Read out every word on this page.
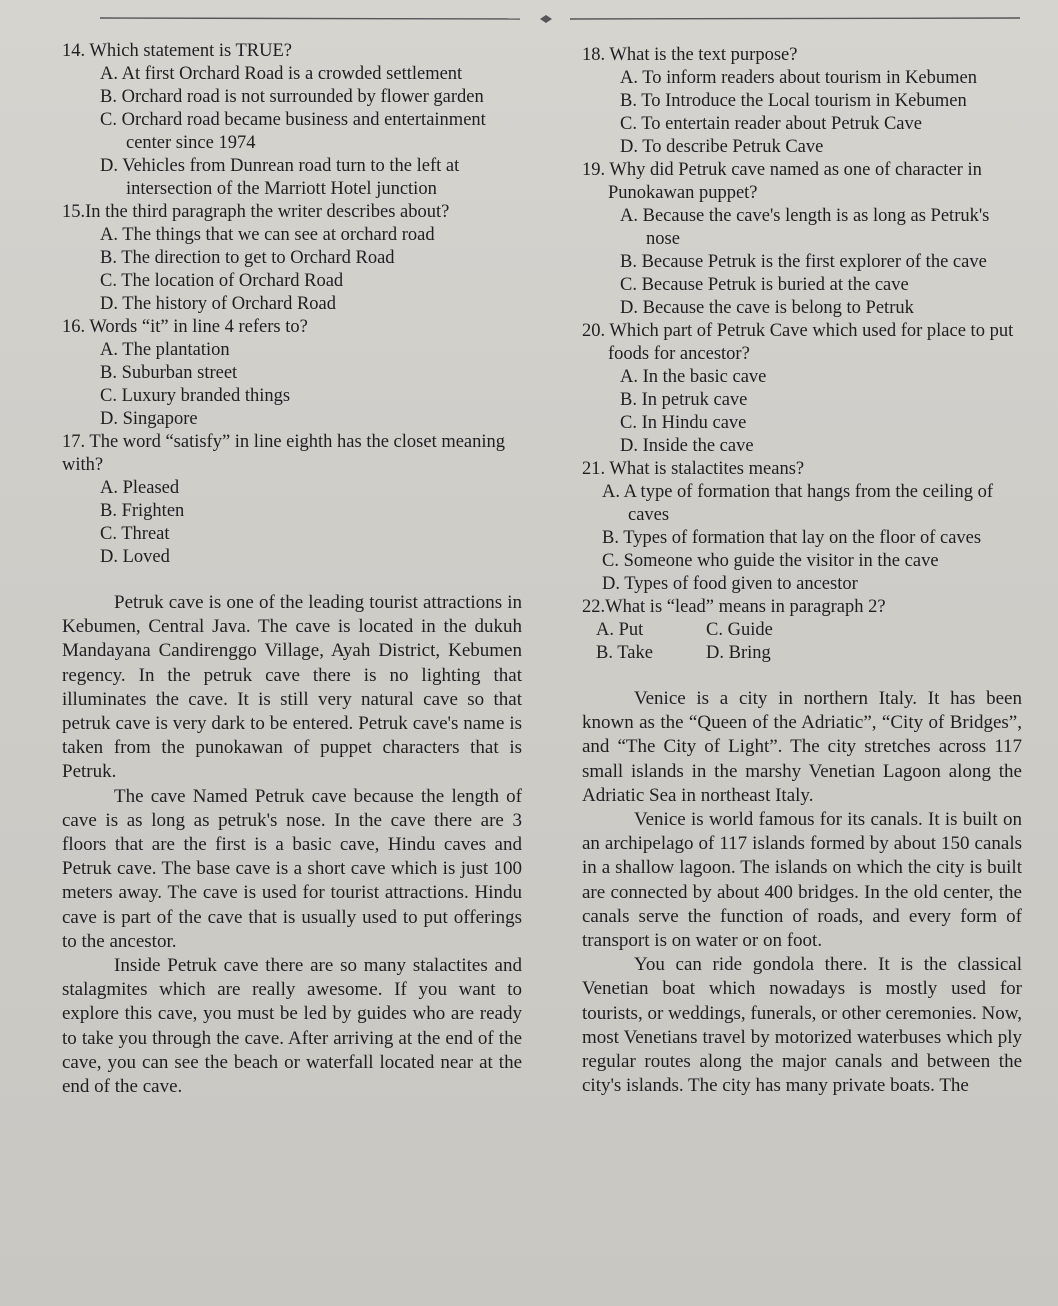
14. Which statement is TRUE?

A. At first Orchard Road is a crowded settlement

B. Orchard road is not surrounded by flower garden

C. Orchard road became business and entertainment center since 1974

D. Vehicles from Dunrean road turn to the left at intersection of the Marriott Hotel junction

15.In the third paragraph the writer describes about?

A. The things that we can see at orchard road

B. The direction to get to Orchard Road

C. The location of Orchard Road

D. The history of Orchard Road

16. Words “it” in line 4 refers to?

A. The plantation

B. Suburban street

C. Luxury branded things

D. Singapore

17. The word “satisfy” in line eighth has the closet meaning with?

A. Pleased

B. Frighten

C. Threat

D. Loved

Petruk cave is one of the leading tourist attractions in Kebumen, Central Java. The cave is located in the dukuh Mandayana Candirenggo Village, Ayah District, Kebumen regency. In the petruk cave there is no lighting that illuminates the cave. It is still very natural cave so that petruk cave is very dark to be entered. Petruk cave's name is taken from the punokawan of puppet characters that is Petruk.

The cave Named Petruk cave because the length of cave is as long as petruk's nose. In the cave there are 3 floors that are the first is a basic cave, Hindu caves and Petruk cave. The base cave is a short cave which is just 100 meters away. The cave is used for tourist attractions. Hindu cave is part of the cave that is usually used to put offerings to the ancestor.

Inside Petruk cave there are so many stalactites and stalagmites which are really awesome. If you want to explore this cave, you must be led by guides who are ready to take you through the cave. After arriving at the end of the cave, you can see the beach or waterfall located near at the end of the cave.

18. What is the text purpose?

A. To inform readers about tourism in Kebumen

B. To Introduce the Local tourism in Kebumen

C. To entertain reader about Petruk Cave

D. To describe Petruk Cave

19. Why did Petruk cave named as one of character in Punokawan puppet?

A. Because the cave's length is as long as Petruk's nose

B. Because Petruk is the first explorer of the cave

C. Because Petruk is buried at the cave

D. Because the cave is belong to Petruk

20. Which part of Petruk Cave which used for place to put foods for ancestor?

A. In the basic cave

B. In petruk cave

C. In Hindu cave

D. Inside the cave

21. What is stalactites means?

A. A type of formation that hangs from the ceiling of caves

B. Types of formation that lay on the floor of caves

C. Someone who guide the visitor in the cave

D. Types of food given to ancestor

22.What is “lead” means in paragraph 2?

A. Put	C. Guide
B. Take	D. Bring

Venice is a city in northern Italy. It has been known as the “Queen of the Adriatic”, “City of Bridges”, and “The City of Light”. The city stretches across 117 small islands in the marshy Venetian Lagoon along the Adriatic Sea in northeast Italy.

Venice is world famous for its canals. It is built on an archipelago of 117 islands formed by about 150 canals in a shallow lagoon. The islands on which the city is built are connected by about 400 bridges. In the old center, the canals serve the function of roads, and every form of transport is on water or on foot.

You can ride gondola there. It is the classical Venetian boat which nowadays is mostly used for tourists, or weddings, funerals, or other ceremonies. Now, most Venetians travel by motorized waterbuses which ply regular routes along the major canals and between the city's islands. The city has many private boats. The
